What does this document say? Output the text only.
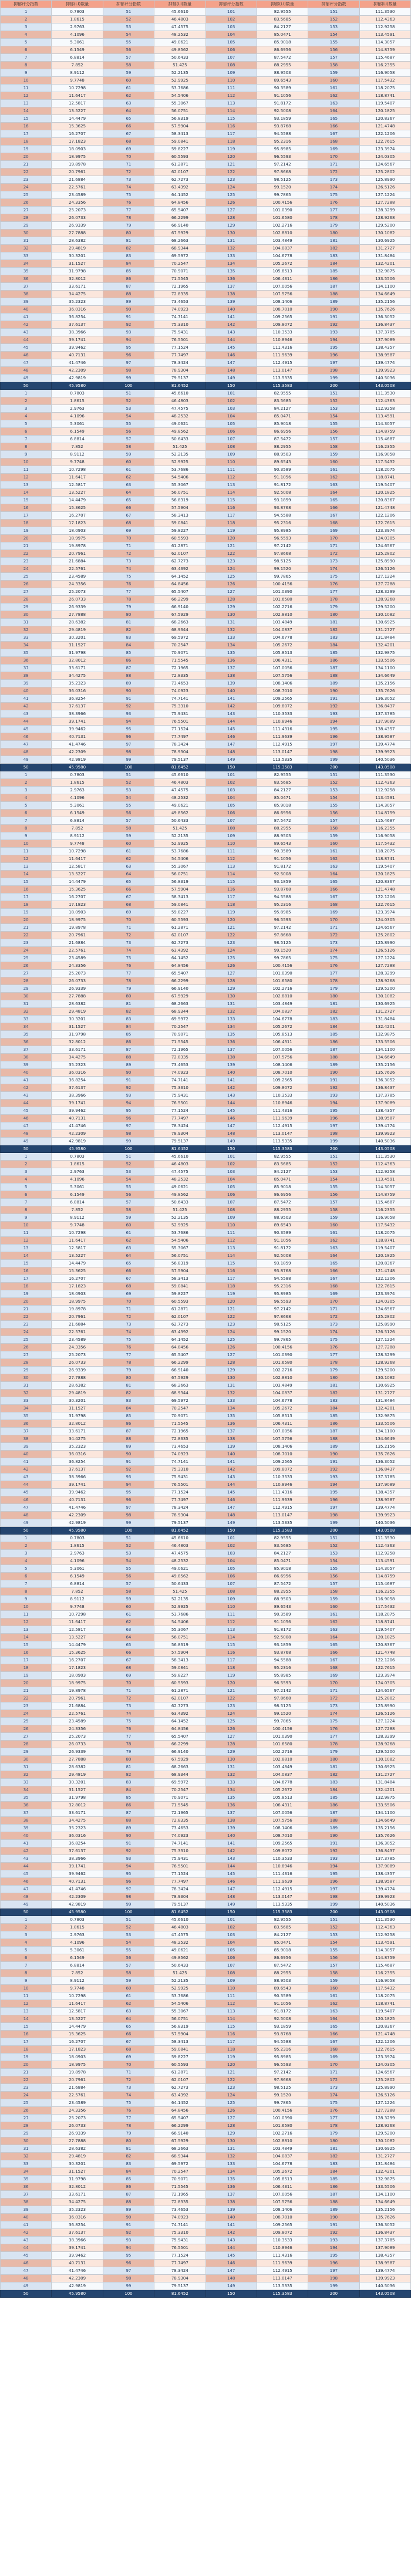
抑郁评分指数	抑郁(LI)数量	抑郁评分指数	抑郁(LI)数量	抑郁评分指数	抑郁(LI)数量	抑郁评分指数	抑郁(LI)数量
1	0.7803	51	45.6610	101	82.9555	151	111.3530
2	1.8615	52	46.4803	102	83.5685	152	112.4363
3	2.9763	53	47.4575	103	84.2127	153	112.9258
4	4.1096	54	48.2532	104	85.0471	154	113.4591
5	5.3061	55	49.0621	105	85.9018	155	114.3057
6	6.1549	56	49.8562	106	86.6956	156	114.8759
7	6.8814	57	50.6433	107	87.5472	157	115.4687
8	7.852	58	51.425	108	88.2955	158	116.2355
9	8.9112	59	52.2135	109	88.9503	159	116.9058
10	9.7748	60	52.9925	110	89.6543	160	117.5432
11	10.7298	61	53.7686	111	90.3589	161	118.2075
12	11.6417	62	54.5406	112	91.1056	162	118.8741
13	12.5817	63	55.3067	113	91.8172	163	119.5407
14	13.5227	64	56.0751	114	92.5008	164	120.1825
15	14.4479	65	56.8319	115	93.1859	165	120.8367
16	15.3625	66	57.5904	116	93.8768	166	121.4748
17	16.2707	67	58.3413	117	94.5588	167	122.1206
18	17.1823	68	59.0841	118	95.2316	168	122.7615
19	18.0903	69	59.8227	119	95.8985	169	123.3974
20	18.9975	70	60.5593	120	96.5593	170	124.0305
21	19.8978	71	61.2871	121	97.2142	171	124.6567
22	20.7961	72	62.0107	122	97.8668	172	125.2802
23	21.6884	73	62.7273	123	98.5125	173	125.8990
24	22.5761	74	63.4392	124	99.1520	174	126.5126
25	23.4589	75	64.1452	125	99.7865	175	127.1224
26	24.3356	76	64.8456	126	100.4156	176	127.7288
27	25.2073	77	65.5407	127	101.0390	177	128.3299
28	26.0733	78	66.2299	128	101.6580	178	128.9268
29	26.9339	79	66.9140	129	102.2716	179	129.5200
30	27.7888	80	67.5929	130	102.8810	180	130.1082
31	28.6382	81	68.2663	131	103.4849	181	130.6925
32	29.4819	82	68.9344	132	104.0837	182	131.2727
33	30.3201	83	69.5972	133	104.6778	183	131.8484
34	31.1527	84	70.2547	134	105.2672	184	132.4201
35	31.9798	85	70.9071	135	105.8513	185	132.9875
36	32.8012	86	71.5545	136	106.4311	186	133.5506
37	33.6171	87	72.1965	137	107.0056	187	134.1100
38	34.4275	88	72.8335	138	107.5756	188	134.6649
39	35.2323	89	73.4653	139	108.1406	189	135.2156
40	36.0316	90	74.0923	140	108.7010	190	135.7626
41	36.8254	91	74.7141	141	109.2565	191	136.3052
42	37.6137	92	75.3310	142	109.8072	192	136.8437
43	38.3966	93	75.9431	143	110.3533	193	137.3785
44	39.1741	94	76.5501	144	110.8946	194	137.9089
45	39.9462	95	77.1524	145	111.4316	195	138.4357
46	40.7131	96	77.7497	146	111.9639	196	138.9587
47	41.4746	97	78.3424	147	112.4915	197	139.4774
48	42.2309	98	78.9304	148	113.0147	198	139.9923
49	42.9819	99	79.5137	149	113.5335	199	140.5036
50	45.9580	100	81.6452	150	115.3583	200	143.0508
1	0.7803	51	45.6610	101	82.9555	151	111.3530
2	1.8615	52	46.4803	102	83.5685	152	112.4363
3	2.9763	53	47.4575	103	84.2127	153	112.9258
4	4.1096	54	48.2532	104	85.0471	154	113.4591
5	5.3061	55	49.0621	105	85.9018	155	114.3057
6	6.1549	56	49.8562	106	86.6956	156	114.8759
7	6.8814	57	50.6433	107	87.5472	157	115.4687
8	7.852	58	51.425	108	88.2955	158	116.2355
9	8.9112	59	52.2135	109	88.9503	159	116.9058
10	9.7748	60	52.9925	110	89.6543	160	117.5432
11	10.7298	61	53.7686	111	90.3589	161	118.2075
12	11.6417	62	54.5406	112	91.1056	162	118.8741
13	12.5817	63	55.3067	113	91.8172	163	119.5407
14	13.5227	64	56.0751	114	92.5008	164	120.1825
15	14.4479	65	56.8319	115	93.1859	165	120.8367
16	15.3625	66	57.5904	116	93.8768	166	121.4748
17	16.2707	67	58.3413	117	94.5588	167	122.1206
18	17.1823	68	59.0841	118	95.2316	168	122.7615
19	18.0903	69	59.8227	119	95.8985	169	123.3974
20	18.9975	70	60.5593	120	96.5593	170	124.0305
21	19.8978	71	61.2871	121	97.2142	171	124.6567
22	20.7961	72	62.0107	122	97.8668	172	125.2802
23	21.6884	73	62.7273	123	98.5125	173	125.8990
24	22.5761	74	63.4392	124	99.1520	174	126.5126
25	23.4589	75	64.1452	125	99.7865	175	127.1224
26	24.3356	76	64.8456	126	100.4156	176	127.7288
27	25.2073	77	65.5407	127	101.0390	177	128.3299
28	26.0733	78	66.2299	128	101.6580	178	128.9268
29	26.9339	79	66.9140	129	102.2716	179	129.5200
30	27.7888	80	67.5929	130	102.8810	180	130.1082
31	28.6382	81	68.2663	131	103.4849	181	130.6925
32	29.4819	82	68.9344	132	104.0837	182	131.2727
33	30.3201	83	69.5972	133	104.6778	183	131.8484
34	31.1527	84	70.2547	134	105.2672	184	132.4201
35	31.9798	85	70.9071	135	105.8513	185	132.9875
36	32.8012	86	71.5545	136	106.4311	186	133.5506
37	33.6171	87	72.1965	137	107.0056	187	134.1100
38	34.4275	88	72.8335	138	107.5756	188	134.6649
39	35.2323	89	73.4653	139	108.1406	189	135.2156
40	36.0316	90	74.0923	140	108.7010	190	135.7626
41	36.8254	91	74.7141	141	109.2565	191	136.3052
42	37.6137	92	75.3310	142	109.8072	192	136.8437
43	38.3966	93	75.9431	143	110.3533	193	137.3785
44	39.1741	94	76.5501	144	110.8946	194	137.9089
45	39.9462	95	77.1524	145	111.4316	195	138.4357
46	40.7131	96	77.7497	146	111.9639	196	138.9587
47	41.4746	97	78.3424	147	112.4915	197	139.4774
48	42.2309	98	78.9304	148	113.0147	198	139.9923
49	42.9819	99	79.5137	149	113.5335	199	140.5036
50	45.9580	100	81.6452	150	115.3583	200	143.0508
1	0.7803	51	45.6610	101	82.9555	151	111.3530
2	1.8615	52	46.4803	102	83.5685	152	112.4363
3	2.9763	53	47.4575	103	84.2127	153	112.9258
4	4.1096	54	48.2532	104	85.0471	154	113.4591
5	5.3061	55	49.0621	105	85.9018	155	114.3057
6	6.1549	56	49.8562	106	86.6956	156	114.8759
7	6.8814	57	50.6433	107	87.5472	157	115.4687
8	7.852	58	51.425	108	88.2955	158	116.2355
9	8.9112	59	52.2135	109	88.9503	159	116.9058
10	9.7748	60	52.9925	110	89.6543	160	117.5432
11	10.7298	61	53.7686	111	90.3589	161	118.2075
12	11.6417	62	54.5406	112	91.1056	162	118.8741
13	12.5817	63	55.3067	113	91.8172	163	119.5407
14	13.5227	64	56.0751	114	92.5008	164	120.1825
15	14.4479	65	56.8319	115	93.1859	165	120.8367
16	15.3625	66	57.5904	116	93.8768	166	121.4748
17	16.2707	67	58.3413	117	94.5588	167	122.1206
18	17.1823	68	59.0841	118	95.2316	168	122.7615
19	18.0903	69	59.8227	119	95.8985	169	123.3974
20	18.9975	70	60.5593	120	96.5593	170	124.0305
21	19.8978	71	61.2871	121	97.2142	171	124.6567
22	20.7961	72	62.0107	122	97.8668	172	125.2802
23	21.6884	73	62.7273	123	98.5125	173	125.8990
24	22.5761	74	63.4392	124	99.1520	174	126.5126
25	23.4589	75	64.1452	125	99.7865	175	127.1224
26	24.3356	76	64.8456	126	100.4156	176	127.7288
27	25.2073	77	65.5407	127	101.0390	177	128.3299
28	26.0733	78	66.2299	128	101.6580	178	128.9268
29	26.9339	79	66.9140	129	102.2716	179	129.5200
30	27.7888	80	67.5929	130	102.8810	180	130.1082
31	28.6382	81	68.2663	131	103.4849	181	130.6925
32	29.4819	82	68.9344	132	104.0837	182	131.2727
33	30.3201	83	69.5972	133	104.6778	183	131.8484
34	31.1527	84	70.2547	134	105.2672	184	132.4201
35	31.9798	85	70.9071	135	105.8513	185	132.9875
36	32.8012	86	71.5545	136	106.4311	186	133.5506
37	33.6171	87	72.1965	137	107.0056	187	134.1100
38	34.4275	88	72.8335	138	107.5756	188	134.6649
39	35.2323	89	73.4653	139	108.1406	189	135.2156
40	36.0316	90	74.0923	140	108.7010	190	135.7626
41	36.8254	91	74.7141	141	109.2565	191	136.3052
42	37.6137	92	75.3310	142	109.8072	192	136.8437
43	38.3966	93	75.9431	143	110.3533	193	137.3785
44	39.1741	94	76.5501	144	110.8946	194	137.9089
45	39.9462	95	77.1524	145	111.4316	195	138.4357
46	40.7131	96	77.7497	146	111.9639	196	138.9587
47	41.4746	97	78.3424	147	112.4915	197	139.4774
48	42.2309	98	78.9304	148	113.0147	198	139.9923
49	42.9819	99	79.5137	149	113.5335	199	140.5036
50	45.9580	100	81.6452	150	115.3583	200	143.0508
1	0.7803	51	45.6610	101	82.9555	151	111.3530
2	1.8615	52	46.4803	102	83.5685	152	112.4363
3	2.9763	53	47.4575	103	84.2127	153	112.9258
4	4.1096	54	48.2532	104	85.0471	154	113.4591
5	5.3061	55	49.0621	105	85.9018	155	114.3057
6	6.1549	56	49.8562	106	86.6956	156	114.8759
7	6.8814	57	50.6433	107	87.5472	157	115.4687
8	7.852	58	51.425	108	88.2955	158	116.2355
9	8.9112	59	52.2135	109	88.9503	159	116.9058
10	9.7748	60	52.9925	110	89.6543	160	117.5432
11	10.7298	61	53.7686	111	90.3589	161	118.2075
12	11.6417	62	54.5406	112	91.1056	162	118.8741
13	12.5817	63	55.3067	113	91.8172	163	119.5407
14	13.5227	64	56.0751	114	92.5008	164	120.1825
15	14.4479	65	56.8319	115	93.1859	165	120.8367
16	15.3625	66	57.5904	116	93.8768	166	121.4748
17	16.2707	67	58.3413	117	94.5588	167	122.1206
18	17.1823	68	59.0841	118	95.2316	168	122.7615
19	18.0903	69	59.8227	119	95.8985	169	123.3974
20	18.9975	70	60.5593	120	96.5593	170	124.0305
21	19.8978	71	61.2871	121	97.2142	171	124.6567
22	20.7961	72	62.0107	122	97.8668	172	125.2802
23	21.6884	73	62.7273	123	98.5125	173	125.8990
24	22.5761	74	63.4392	124	99.1520	174	126.5126
25	23.4589	75	64.1452	125	99.7865	175	127.1224
26	24.3356	76	64.8456	126	100.4156	176	127.7288
27	25.2073	77	65.5407	127	101.0390	177	128.3299
28	26.0733	78	66.2299	128	101.6580	178	128.9268
29	26.9339	79	66.9140	129	102.2716	179	129.5200
30	27.7888	80	67.5929	130	102.8810	180	130.1082
31	28.6382	81	68.2663	131	103.4849	181	130.6925
32	29.4819	82	68.9344	132	104.0837	182	131.2727
33	30.3201	83	69.5972	133	104.6778	183	131.8484
34	31.1527	84	70.2547	134	105.2672	184	132.4201
35	31.9798	85	70.9071	135	105.8513	185	132.9875
36	32.8012	86	71.5545	136	106.4311	186	133.5506
37	33.6171	87	72.1965	137	107.0056	187	134.1100
38	34.4275	88	72.8335	138	107.5756	188	134.6649
39	35.2323	89	73.4653	139	108.1406	189	135.2156
40	36.0316	90	74.0923	140	108.7010	190	135.7626
41	36.8254	91	74.7141	141	109.2565	191	136.3052
42	37.6137	92	75.3310	142	109.8072	192	136.8437
43	38.3966	93	75.9431	143	110.3533	193	137.3785
44	39.1741	94	76.5501	144	110.8946	194	137.9089
45	39.9462	95	77.1524	145	111.4316	195	138.4357
46	40.7131	96	77.7497	146	111.9639	196	138.9587
47	41.4746	97	78.3424	147	112.4915	197	139.4774
48	42.2309	98	78.9304	148	113.0147	198	139.9923
49	42.9819	99	79.5137	149	113.5335	199	140.5036
50	45.9580	100	81.6452	150	115.3583	200	143.0508
1	0.7803	51	45.6610	101	82.9555	151	111.3530
2	1.8615	52	46.4803	102	83.5685	152	112.4363
3	2.9763	53	47.4575	103	84.2127	153	112.9258
4	4.1096	54	48.2532	104	85.0471	154	113.4591
5	5.3061	55	49.0621	105	85.9018	155	114.3057
6	6.1549	56	49.8562	106	86.6956	156	114.8759
7	6.8814	57	50.6433	107	87.5472	157	115.4687
8	7.852	58	51.425	108	88.2955	158	116.2355
9	8.9112	59	52.2135	109	88.9503	159	116.9058
10	9.7748	60	52.9925	110	89.6543	160	117.5432
11	10.7298	61	53.7686	111	90.3589	161	118.2075
12	11.6417	62	54.5406	112	91.1056	162	118.8741
13	12.5817	63	55.3067	113	91.8172	163	119.5407
14	13.5227	64	56.0751	114	92.5008	164	120.1825
15	14.4479	65	56.8319	115	93.1859	165	120.8367
16	15.3625	66	57.5904	116	93.8768	166	121.4748
17	16.2707	67	58.3413	117	94.5588	167	122.1206
18	17.1823	68	59.0841	118	95.2316	168	122.7615
19	18.0903	69	59.8227	119	95.8985	169	123.3974
20	18.9975	70	60.5593	120	96.5593	170	124.0305
21	19.8978	71	61.2871	121	97.2142	171	124.6567
22	20.7961	72	62.0107	122	97.8668	172	125.2802
23	21.6884	73	62.7273	123	98.5125	173	125.8990
24	22.5761	74	63.4392	124	99.1520	174	126.5126
25	23.4589	75	64.1452	125	99.7865	175	127.1224
26	24.3356	76	64.8456	126	100.4156	176	127.7288
27	25.2073	77	65.5407	127	101.0390	177	128.3299
28	26.0733	78	66.2299	128	101.6580	178	128.9268
29	26.9339	79	66.9140	129	102.2716	179	129.5200
30	27.7888	80	67.5929	130	102.8810	180	130.1082
31	28.6382	81	68.2663	131	103.4849	181	130.6925
32	29.4819	82	68.9344	132	104.0837	182	131.2727
33	30.3201	83	69.5972	133	104.6778	183	131.8484
34	31.1527	84	70.2547	134	105.2672	184	132.4201
35	31.9798	85	70.9071	135	105.8513	185	132.9875
36	32.8012	86	71.5545	136	106.4311	186	133.5506
37	33.6171	87	72.1965	137	107.0056	187	134.1100
38	34.4275	88	72.8335	138	107.5756	188	134.6649
39	35.2323	89	73.4653	139	108.1406	189	135.2156
40	36.0316	90	74.0923	140	108.7010	190	135.7626
41	36.8254	91	74.7141	141	109.2565	191	136.3052
42	37.6137	92	75.3310	142	109.8072	192	136.8437
43	38.3966	93	75.9431	143	110.3533	193	137.3785
44	39.1741	94	76.5501	144	110.8946	194	137.9089
45	39.9462	95	77.1524	145	111.4316	195	138.4357
46	40.7131	96	77.7497	146	111.9639	196	138.9587
47	41.4746	97	78.3424	147	112.4915	197	139.4774
48	42.2309	98	78.9304	148	113.0147	198	139.9923
49	42.9819	99	79.5137	149	113.5335	199	140.5036
50	45.9580	100	81.6452	150	115.3583	200	143.0508
1	0.7803	51	45.6610	101	82.9555	151	111.3530
2	1.8615	52	46.4803	102	83.5685	152	112.4363
3	2.9763	53	47.4575	103	84.2127	153	112.9258
4	4.1096	54	48.2532	104	85.0471	154	113.4591
5	5.3061	55	49.0621	105	85.9018	155	114.3057
6	6.1549	56	49.8562	106	86.6956	156	114.8759
7	6.8814	57	50.6433	107	87.5472	157	115.4687
8	7.852	58	51.425	108	88.2955	158	116.2355
9	8.9112	59	52.2135	109	88.9503	159	116.9058
10	9.7748	60	52.9925	110	89.6543	160	117.5432
11	10.7298	61	53.7686	111	90.3589	161	118.2075
12	11.6417	62	54.5406	112	91.1056	162	118.8741
13	12.5817	63	55.3067	113	91.8172	163	119.5407
14	13.5227	64	56.0751	114	92.5008	164	120.1825
15	14.4479	65	56.8319	115	93.1859	165	120.8367
16	15.3625	66	57.5904	116	93.8768	166	121.4748
17	16.2707	67	58.3413	117	94.5588	167	122.1206
18	17.1823	68	59.0841	118	95.2316	168	122.7615
19	18.0903	69	59.8227	119	95.8985	169	123.3974
20	18.9975	70	60.5593	120	96.5593	170	124.0305
21	19.8978	71	61.2871	121	97.2142	171	124.6567
22	20.7961	72	62.0107	122	97.8668	172	125.2802
23	21.6884	73	62.7273	123	98.5125	173	125.8990
24	22.5761	74	63.4392	124	99.1520	174	126.5126
25	23.4589	75	64.1452	125	99.7865	175	127.1224
26	24.3356	76	64.8456	126	100.4156	176	127.7288
27	25.2073	77	65.5407	127	101.0390	177	128.3299
28	26.0733	78	66.2299	128	101.6580	178	128.9268
29	26.9339	79	66.9140	129	102.2716	179	129.5200
30	27.7888	80	67.5929	130	102.8810	180	130.1082
31	28.6382	81	68.2663	131	103.4849	181	130.6925
32	29.4819	82	68.9344	132	104.0837	182	131.2727
33	30.3201	83	69.5972	133	104.6778	183	131.8484
34	31.1527	84	70.2547	134	105.2672	184	132.4201
35	31.9798	85	70.9071	135	105.8513	185	132.9875
36	32.8012	86	71.5545	136	106.4311	186	133.5506
37	33.6171	87	72.1965	137	107.0056	187	134.1100
38	34.4275	88	72.8335	138	107.5756	188	134.6649
39	35.2323	89	73.4653	139	108.1406	189	135.2156
40	36.0316	90	74.0923	140	108.7010	190	135.7626
41	36.8254	91	74.7141	141	109.2565	191	136.3052
42	37.6137	92	75.3310	142	109.8072	192	136.8437
43	38.3966	93	75.9431	143	110.3533	193	137.3785
44	39.1741	94	76.5501	144	110.8946	194	137.9089
45	39.9462	95	77.1524	145	111.4316	195	138.4357
46	40.7131	96	77.7497	146	111.9639	196	138.9587
47	41.4746	97	78.3424	147	112.4915	197	139.4774
48	42.2309	98	78.9304	148	113.0147	198	139.9923
49	42.9819	99	79.5137	149	113.5335	199	140.5036
50	45.9580	100	81.6452	150	115.3583	200	143.0508
